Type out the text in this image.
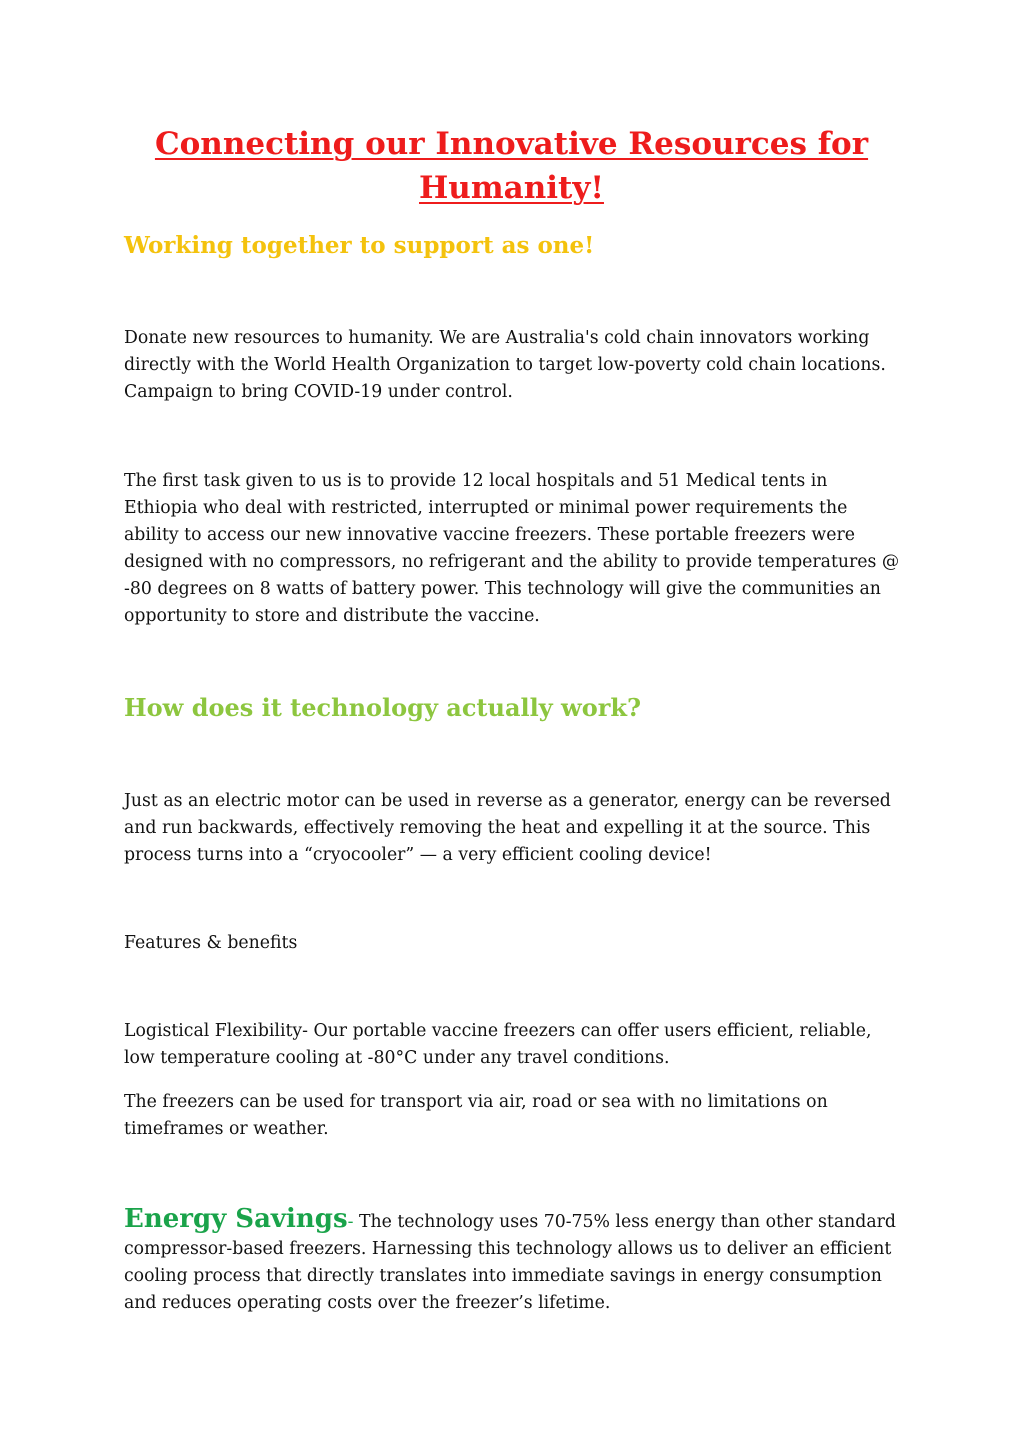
Connecting our Innovative Resources for Humanity!
Working together to support as one!

Donate new resources to humanity. We are Australia's cold chain innovators working directly with the World Health Organization to target low-poverty cold chain locations. Campaign to bring COVID-19 under control.

The first task given to us is to provide 12 local hospitals and 51 Medical tents in Ethiopia who deal with restricted, interrupted or minimal power requirements the ability to access our new innovative vaccine freezers. These portable freezers were designed with no compressors, no refrigerant and the ability to provide temperatures @ -80 degrees on 8 watts of battery power. This technology will give the communities an opportunity to store and distribute the vaccine.

How does it technology actually work?

Just as an electric motor can be used in reverse as a generator, energy can be reversed and run backwards, effectively removing the heat and expelling it at the source. This process turns into a “cryocooler” — a very efficient cooling device!

Features & benefits

Logistical Flexibility- Our portable vaccine freezers can offer users efficient, reliable, low temperature cooling at -80°C under any travel conditions.

The freezers can be used for transport via air, road or sea with no limitations on timeframes or weather.

Energy Savings- The technology uses 70-75% less energy than other standard compressor-based freezers. Harnessing this technology allows us to deliver an efficient cooling process that directly translates into immediate savings in energy consumption and reduces operating costs over the freezer’s lifetime.
